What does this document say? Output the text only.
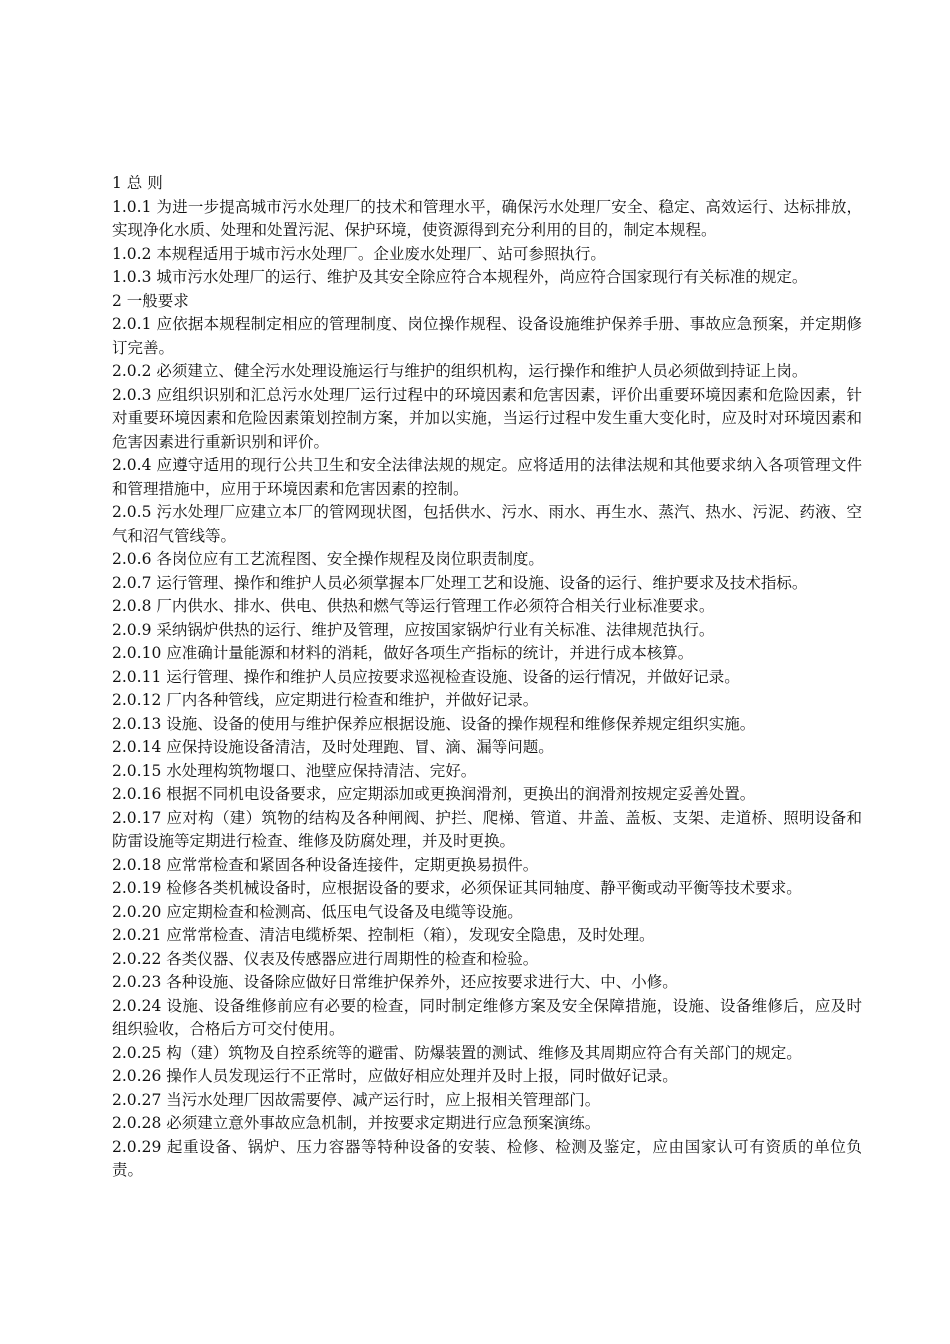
1 总 则

1.0.1 为进一步提高城市污水处理厂的技术和管理水平，确保污水处理厂安全、稳定、高效运行、达标排放，实现净化水质、处理和处置污泥、保护环境，使资源得到充分利用的目的，制定本规程。

1.0.2 本规程适用于城市污水处理厂。企业废水处理厂、站可参照执行。

1.0.3 城市污水处理厂的运行、维护及其安全除应符合本规程外，尚应符合国家现行有关标准的规定。

2 一般要求

2.0.1 应依据本规程制定相应的管理制度、岗位操作规程、设备设施维护保养手册、事故应急预案，并定期修订完善。

2.0.2 必须建立、健全污水处理设施运行与维护的组织机构，运行操作和维护人员必须做到持证上岗。

2.0.3 应组织识别和汇总污水处理厂运行过程中的环境因素和危害因素，评价出重要环境因素和危险因素，针对重要环境因素和危险因素策划控制方案，并加以实施，当运行过程中发生重大变化时，应及时对环境因素和危害因素进行重新识别和评价。

2.0.4 应遵守适用的现行公共卫生和安全法律法规的规定。应将适用的法律法规和其他要求纳入各项管理文件和管理措施中，应用于环境因素和危害因素的控制。

2.0.5 污水处理厂应建立本厂的管网现状图，包括供水、污水、雨水、再生水、蒸汽、热水、污泥、药液、空气和沼气管线等。

2.0.6 各岗位应有工艺流程图、安全操作规程及岗位职责制度。

2.0.7 运行管理、操作和维护人员必须掌握本厂处理工艺和设施、设备的运行、维护要求及技术指标。

2.0.8 厂内供水、排水、供电、供热和燃气等运行管理工作必须符合相关行业标准要求。

2.0.9 采纳锅炉供热的运行、维护及管理，应按国家锅炉行业有关标准、法律规范执行。

2.0.10 应准确计量能源和材料的消耗，做好各项生产指标的统计，并进行成本核算。

2.0.11 运行管理、操作和维护人员应按要求巡视检查设施、设备的运行情况，并做好记录。

2.0.12 厂内各种管线，应定期进行检查和维护，并做好记录。

2.0.13 设施、设备的使用与维护保养应根据设施、设备的操作规程和维修保养规定组织实施。

2.0.14 应保持设施设备清洁，及时处理跑、冒、滴、漏等问题。

2.0.15 水处理构筑物堰口、池壁应保持清洁、完好。

2.0.16 根据不同机电设备要求，应定期添加或更换润滑剂，更换出的润滑剂按规定妥善处置。

2.0.17 应对构（建）筑物的结构及各种闸阀、护拦、爬梯、管道、井盖、盖板、支架、走道桥、照明设备和防雷设施等定期进行检查、维修及防腐处理，并及时更换。

2.0.18 应常常检查和紧固各种设备连接件，定期更换易损件。

2.0.19 检修各类机械设备时，应根据设备的要求，必须保证其同轴度、静平衡或动平衡等技术要求。

2.0.20 应定期检查和检测高、低压电气设备及电缆等设施。

2.0.21 应常常检查、清洁电缆桥架、控制柜（箱），发现安全隐患，及时处理。

2.0.22 各类仪器、仪表及传感器应进行周期性的检查和检验。

2.0.23 各种设施、设备除应做好日常维护保养外，还应按要求进行大、中、小修。

2.0.24 设施、设备维修前应有必要的检查，同时制定维修方案及安全保障措施，设施、设备维修后，应及时组织验收，合格后方可交付使用。

2.0.25 构（建）筑物及自控系统等的避雷、防爆装置的测试、维修及其周期应符合有关部门的规定。

2.0.26 操作人员发现运行不正常时，应做好相应处理并及时上报，同时做好记录。

2.0.27 当污水处理厂因故需要停、减产运行时，应上报相关管理部门。

2.0.28 必须建立意外事故应急机制，并按要求定期进行应急预案演练。

2.0.29 起重设备、锅炉、压力容器等特种设备的安装、检修、检测及鉴定，应由国家认可有资质的单位负责。
